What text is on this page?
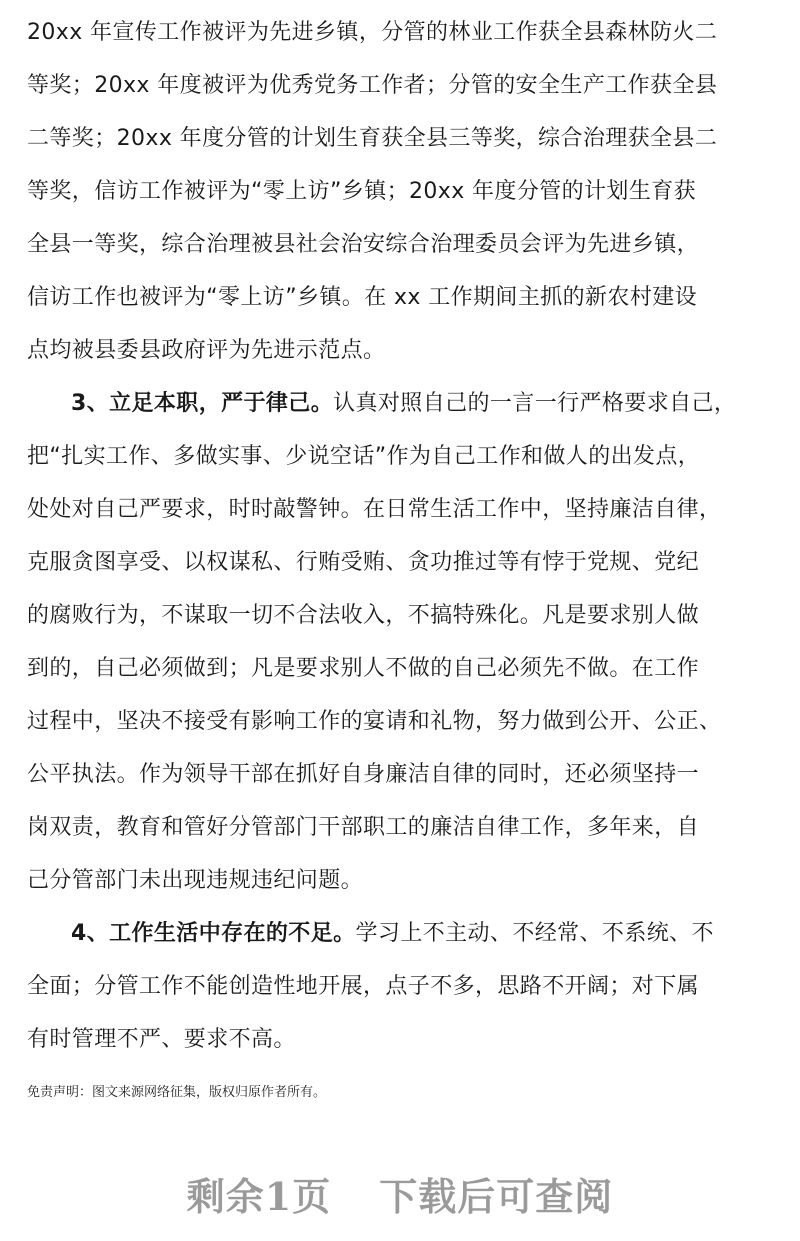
20xx 年宣传工作被评为先进乡镇，分管的林业工作获全县森林防火二
等奖；20xx 年度被评为优秀党务工作者；分管的安全生产工作获全县
二等奖；20xx 年度分管的计划生育获全县三等奖，综合治理获全县二
等奖，信访工作被评为“零上访”乡镇；20xx 年度分管的计划生育获
全县一等奖，综合治理被县社会治安综合治理委员会评为先进乡镇，
信访工作也被评为“零上访”乡镇。在 xx 工作期间主抓的新农村建设
点均被县委县政府评为先进示范点。
3、立足本职，严于律己。认真对照自己的一言一行严格要求自己，
把“扎实工作、多做实事、少说空话”作为自己工作和做人的出发点，
处处对自己严要求，时时敲警钟。在日常生活工作中，坚持廉洁自律，
克服贪图享受、以权谋私、行贿受贿、贪功推过等有悖于党规、党纪
的腐败行为，不谋取一切不合法收入，不搞特殊化。凡是要求别人做
到的，自己必须做到；凡是要求别人不做的自己必须先不做。在工作
过程中，坚决不接受有影响工作的宴请和礼物，努力做到公开、公正、
公平执法。作为领导干部在抓好自身廉洁自律的同时，还必须坚持一
岗双责，教育和管好分管部门干部职工的廉洁自律工作，多年来，自
己分管部门未出现违规违纪问题。
4、工作生活中存在的不足。学习上不主动、不经常、不系统、不
全面；分管工作不能创造性地开展，点子不多，思路不开阔；对下属
有时管理不严、要求不高。
免责声明：图文来源网络征集，版权归原作者所有。
剩余1页 下载后可查阅
